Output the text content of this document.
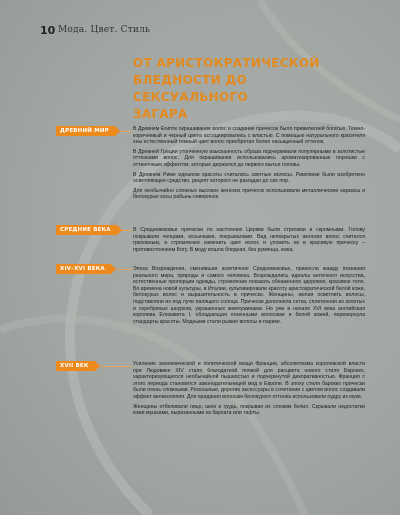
10 Мода. Цвет. Стиль
ОТ АРИСТОКРАТИЧЕСКОЙ
БЛЕДНОСТИ ДО СЕКСУАЛЬНОГО
ЗАГАРА
ДРЕВНИЙ МИР	В Древнем Египте окрашивание волос и создание причесок было привилегией богатых. Темно-коричневый и черный цвета ассоциировались с властью. С помощью натурального красителя хны естественный темный цвет волос приобретал более насыщенный оттенок.

В Древней Греции утонченную изысканность образа подчеркивали популярными в золотистые оттенками волос. Для окрашивания использовались ароматизированные порошки с оттеночным эффектом, которые держался до первого мытья головы.

В Древнем Риме идеалом красоты считались светлые волосы. Римлянки были изобретено осветляющее средство, рецепт которого не разгадан до сих пор.

Для необычайно сложных высоких женских причесок использовали металлические каркасы и белокурые косы рабынь-северянок.

СРЕДНИЕ ВЕКА	В Средневековье прически по настоянию Церкви были строгими и скромными. Голову покрывали чепцами, косынками, покрывалами. Вид непокрытых женских волос считался греховным, а стремление изменить цвет волос и уложить их в красивую прическу – противостоянием Богу. В моду вошла бледная, без румянца, кожа.

XIV–XVI ВЕКА	Эпоха Возрождения, сменившая аскетичное Средневековье, принесла жажду познания реального мира, природы и самого человека. Возрождались идеалы античного искусства, естественные пропорции одежды, стремление показать обнаженное здоровое, красивое тело. Во времена новой культуры, в Италии, культивировали красоту аристократической белой кожи, белокурых волос и выразительность в прическе. Женщины, желая осветлить волосы, подставляли их под лучи палящего солнца. Прически дополняла сетка, сплетенная из золотых и серебряных шнурков, украшенных жемчужинами. Но уже в начале XVI века английская королева Елизавета I, обладающая огненными волосами и белой кожей, перевернула стандарты красоты. Модными стали рыжие волосы и парики.

XVII ВЕК	Усиление экономической и политической мощи Франции, абсолютизма королевской власти при Людовике XIV стало благодатной почвой для расцвета нового стиля Барокко, характеризующегося необычайной пышностью и подчеркнутой декоративностью. Франция с этого периода становится законодательницей мод в Европе. В эпоху стиля барокко прически были очень сложными. Роскошные, дорогие аксессуары в сочетании с цветом волос создавали эффект великолепия. Для придания волосам белокурого оттенка использовали пудру из муки.

Женщины отбеливали лицо, шею и грудь, покрывая их сложим белил. Скрывали недостатки кожи мушками, вырезанными из бархата или тафты.
